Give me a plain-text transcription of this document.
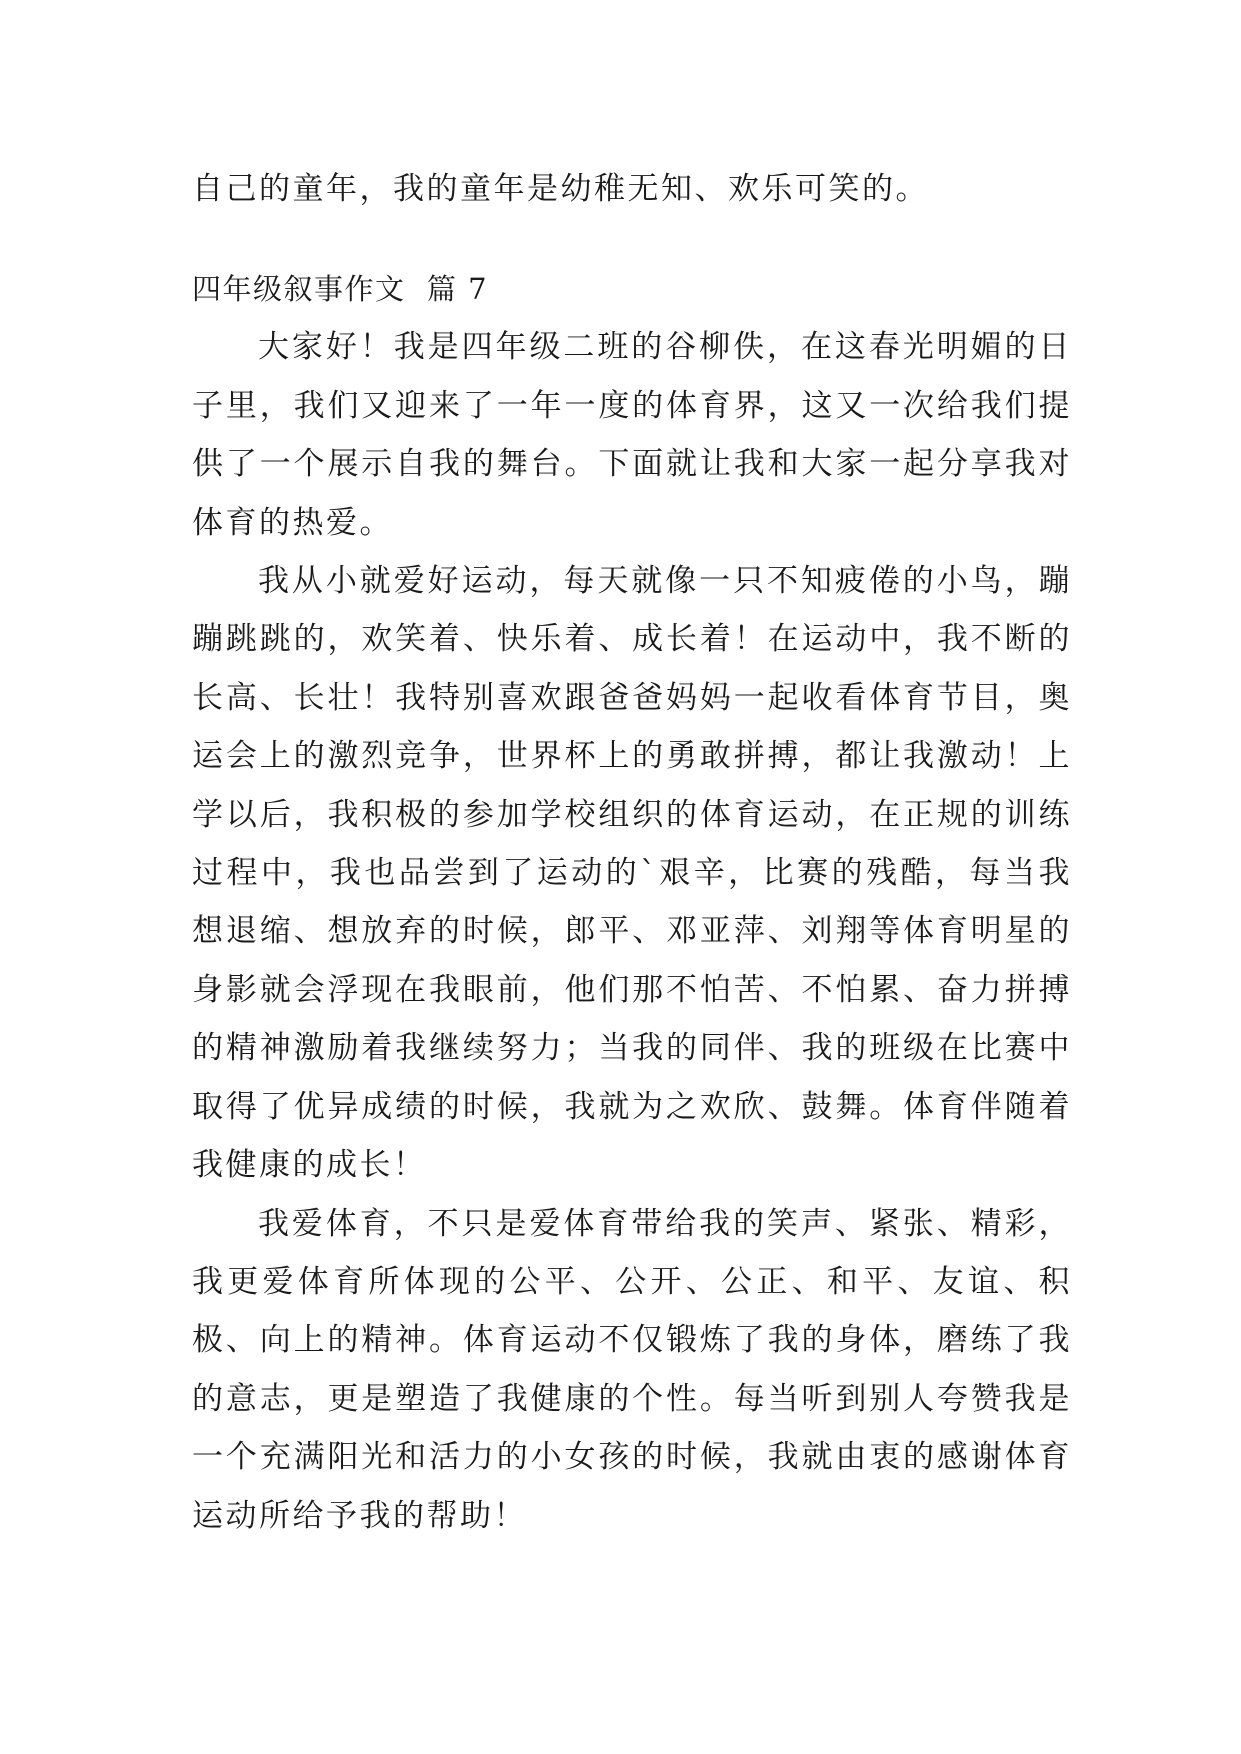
自己的童年，我的童年是幼稚无知、欢乐可笑的。

四年级叙事作文  篇 7

大家好！我是四年级二班的谷柳佚，在这春光明媚的日子里，我们又迎来了一年一度的体育界，这又一次给我们提供了一个展示自我的舞台。下面就让我和大家一起分享我对体育的热爱。

我从小就爱好运动，每天就像一只不知疲倦的小鸟，蹦蹦跳跳的，欢笑着、快乐着、成长着！在运动中，我不断的长高、长壮！我特别喜欢跟爸爸妈妈一起收看体育节目，奥运会上的激烈竞争，世界杯上的勇敢拼搏，都让我激动！上学以后，我积极的参加学校组织的体育运动，在正规的训练过程中，我也品尝到了运动的`艰辛，比赛的残酷，每当我想退缩、想放弃的时候，郎平、邓亚萍、刘翔等体育明星的身影就会浮现在我眼前，他们那不怕苦、不怕累、奋力拼搏的精神激励着我继续努力；当我的同伴、我的班级在比赛中取得了优异成绩的时候，我就为之欢欣、鼓舞。体育伴随着我健康的成长！

我爱体育，不只是爱体育带给我的笑声、紧张、精彩，我更爱体育所体现的公平、公开、公正、和平、友谊、积极、向上的精神。体育运动不仅锻炼了我的身体，磨练了我的意志，更是塑造了我健康的个性。每当听到别人夸赞我是一个充满阳光和活力的小女孩的时候，我就由衷的感谢体育运动所给予我的帮助！
